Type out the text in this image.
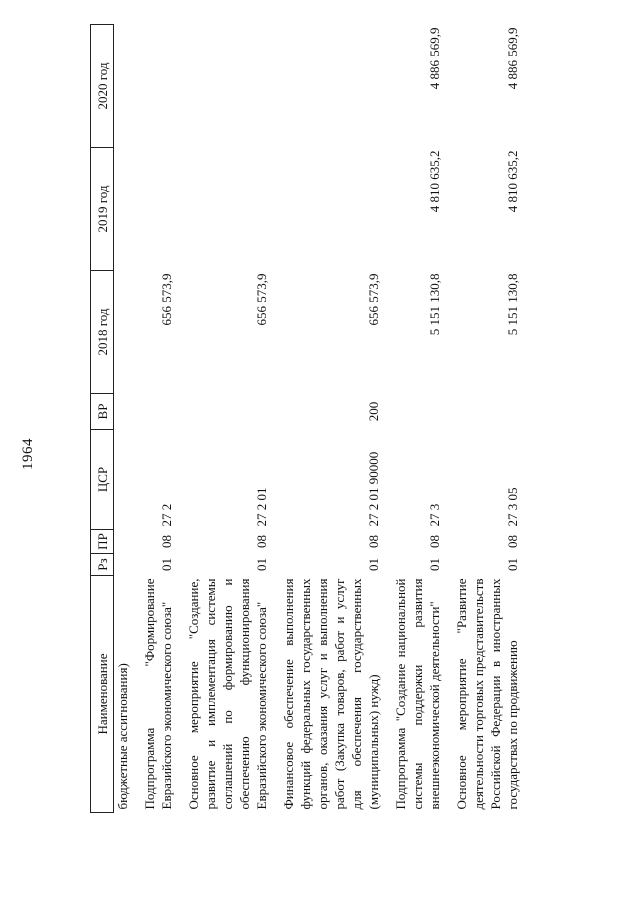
1964
Наименование	Рз	ПР	ЦСР	ВР	2018 год	2019 год	2020 год
бюджетные ассигнования)							
Подпрограмма "Формирование Евразийского экономического союза"	01	08	27 2		656 573,9		
Основное мероприятие "Создание, развитие и имплементация системы соглашений по формированию и обеспечению функционирования Евразийского экономического союза"	01	08	27 2 01		656 573,9		
Финансовое обеспечение выполнения функций федеральных государственных органов, оказания услуг и выполнения работ (Закупка товаров, работ и услуг для обеспечения государственных (муниципальных) нужд)	01	08	27 2 01 90000	200	656 573,9		
Подпрограмма "Создание национальной системы поддержки развития внешнеэкономической деятельности"	01	08	27 3		5 151 130,8	4 810 635,2	4 886 569,9
Основное мероприятие "Развитие деятельности торговых представительств Российской Федерации в иностранных государствах по продвижению	01	08	27 3 05		5 151 130,8	4 810 635,2	4 886 569,9
